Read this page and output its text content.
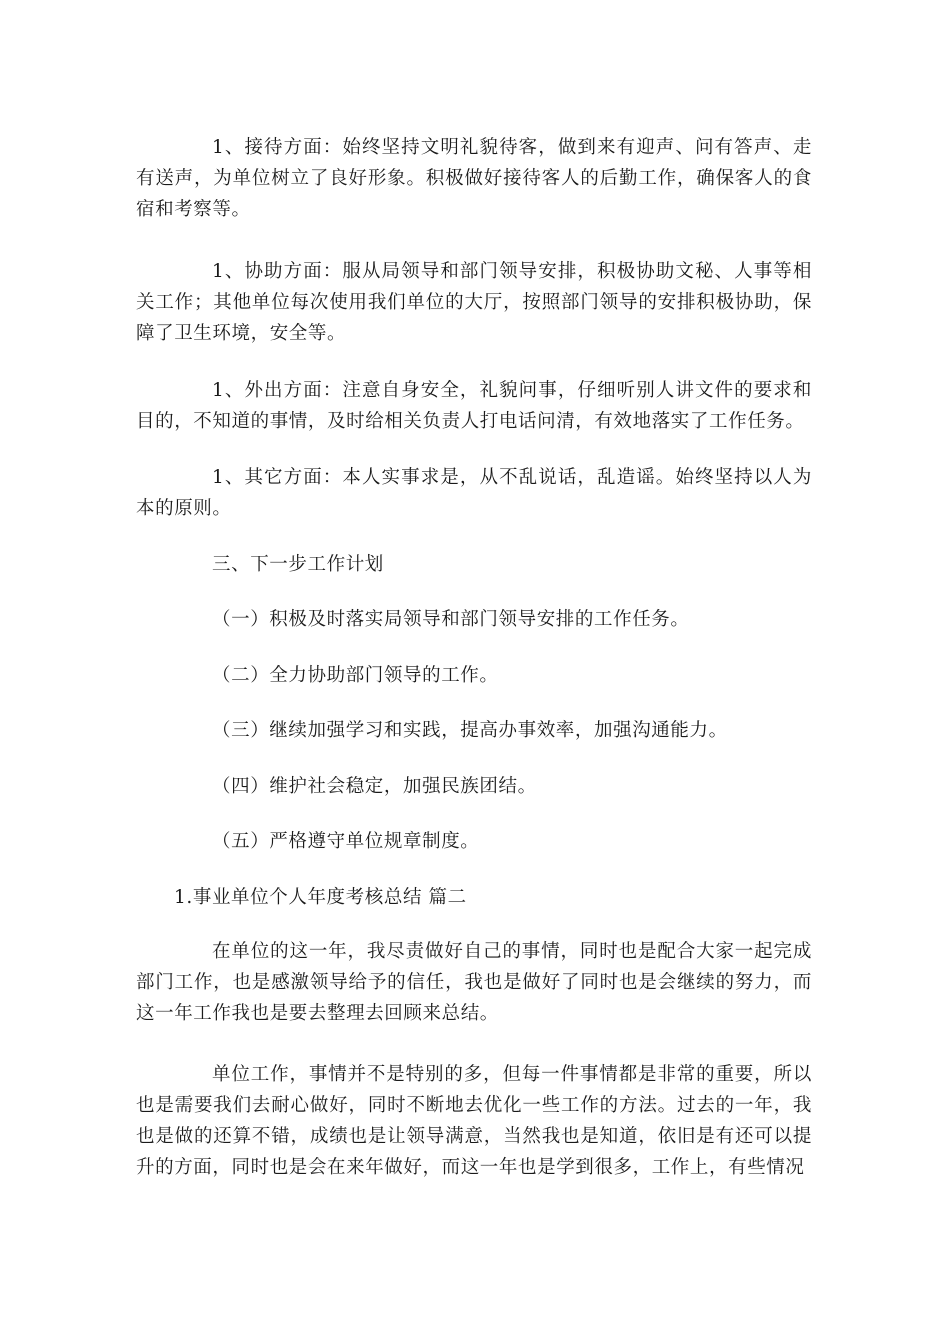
1、接待方面：始终坚持文明礼貌待客，做到来有迎声、问有答声、走有送声，为单位树立了良好形象。积极做好接待客人的后勤工作，确保客人的食宿和考察等。

1、协助方面：服从局领导和部门领导安排，积极协助文秘、人事等相关工作；其他单位每次使用我们单位的大厅，按照部门领导的安排积极协助，保障了卫生环境，安全等。

1、外出方面：注意自身安全，礼貌问事，仔细听别人讲文件的要求和目的，不知道的事情，及时给相关负责人打电话问清，有效地落实了工作任务。

1、其它方面：本人实事求是，从不乱说话，乱造谣。始终坚持以人为本的原则。

三、下一步工作计划

（一）积极及时落实局领导和部门领导安排的工作任务。

（二）全力协助部门领导的工作。

（三）继续加强学习和实践，提高办事效率，加强沟通能力。

（四）维护社会稳定，加强民族团结。

（五）严格遵守单位规章制度。

1.事业单位个人年度考核总结 篇二

在单位的这一年，我尽责做好自己的事情，同时也是配合大家一起完成部门工作，也是感激领导给予的信任，我也是做好了同时也是会继续的努力，而这一年工作我也是要去整理去回顾来总结。

单位工作，事情并不是特别的多，但每一件事情都是非常的重要，所以也是需要我们去耐心做好，同时不断地去优化一些工作的方法。过去的一年，我也是做的还算不错，成绩也是让领导满意，当然我也是知道，依旧是有还可以提升的方面，同时也是会在来年做好，而这一年也是学到很多，工作上，有些情况
